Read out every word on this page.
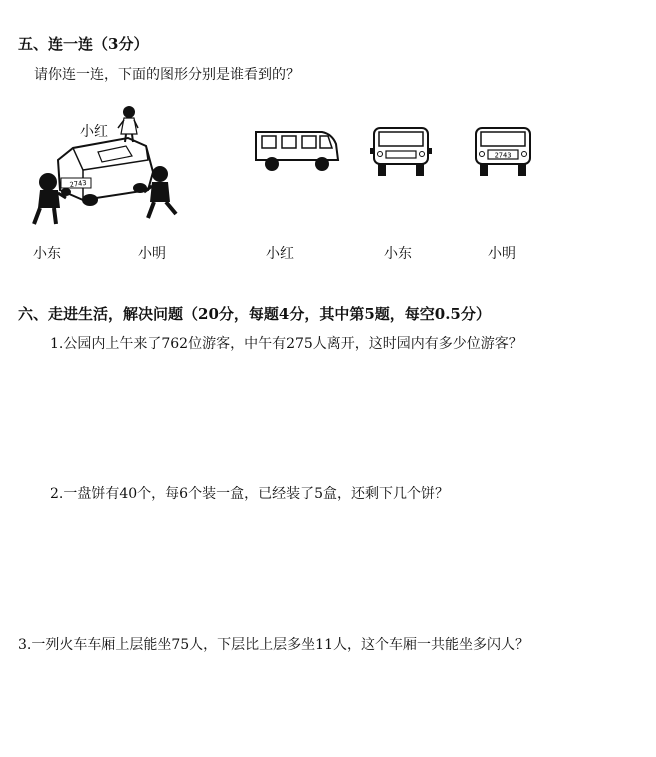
五、连一连（3分）
请你连一连，下面的图形分别是谁看到的？
小红
2743
小东	小明
2743
小红	小东	小明
六、走进生活，解决问题（20分，每题4分，其中第5题，每空0.5分）
1.公园内上午来了762位游客，中午有275人离开，这时园内有多少位游客？
2.一盘饼有40个，每6个装一盒，已经装了5盒，还剩下几个饼？
3.一列火车车厢上层能坐75人，下层比上层多坐11人，这个车厢一共能坐多闪人？
